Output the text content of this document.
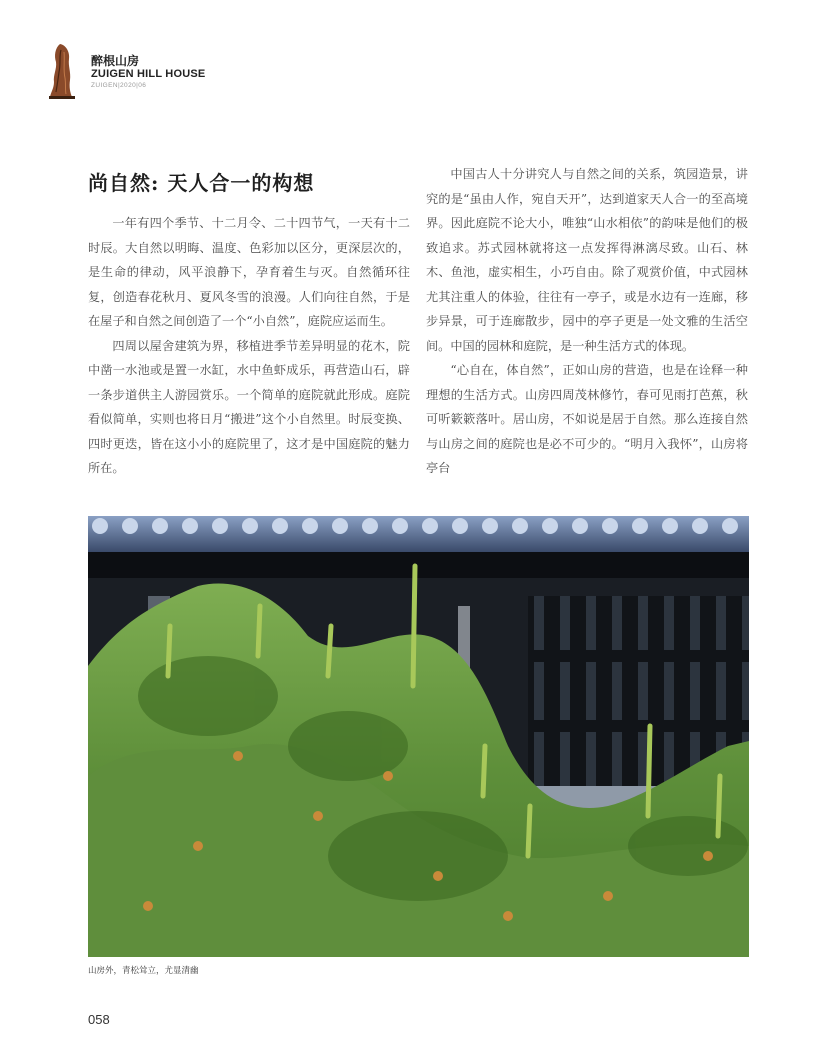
醉根山房
ZUIGEN HILL HOUSE
ZUIGEN|2020|06
尚自然: 天人合一的构想

一年有四个季节、十二月令、二十四节气，一天有十二时辰。大自然以明晦、温度、色彩加以区分，更深层次的，是生命的律动，风平浪静下，孕育着生与灭。自然循环往复，创造春花秋月、夏风冬雪的浪漫。人们向往自然，于是在屋子和自然之间创造了一个“小自然”，庭院应运而生。

四周以屋舍建筑为界，移植进季节差异明显的花木，院中凿一水池或是置一水缸，水中鱼虾成乐，再营造山石，辟一条步道供主人游园赏乐。一个简单的庭院就此形成。庭院看似简单，实则也将日月“搬进”这个小自然里。时辰变换、四时更迭，皆在这小小的庭院里了，这才是中国庭院的魅力所在。

中国古人十分讲究人与自然之间的关系，筑园造景，讲究的是“虽由人作，宛自天开”，达到道家天人合一的至高境界。因此庭院不论大小，唯独“山水相依”的韵味是他们的极致追求。苏式园林就将这一点发挥得淋漓尽致。山石、林木、鱼池，虚实相生，小巧自由。除了观赏价值，中式园林尤其注重人的体验，往往有一亭子，或是水边有一连廊，移步异景，可于连廊散步，园中的亭子更是一处文雅的生活空间。中国的园林和庭院，是一种生活方式的体现。

“心自在，体自然”，正如山房的营造，也是在诠释一种理想的生活方式。山房四周茂林修竹，春可见雨打芭蕉，秋可听簌簌落叶。居山房，不如说是居于自然。那么连接自然与山房之间的庭院也是必不可少的。“明月入我怀”，山房将亭台

山房外，青松耸立，尤显清幽
058
